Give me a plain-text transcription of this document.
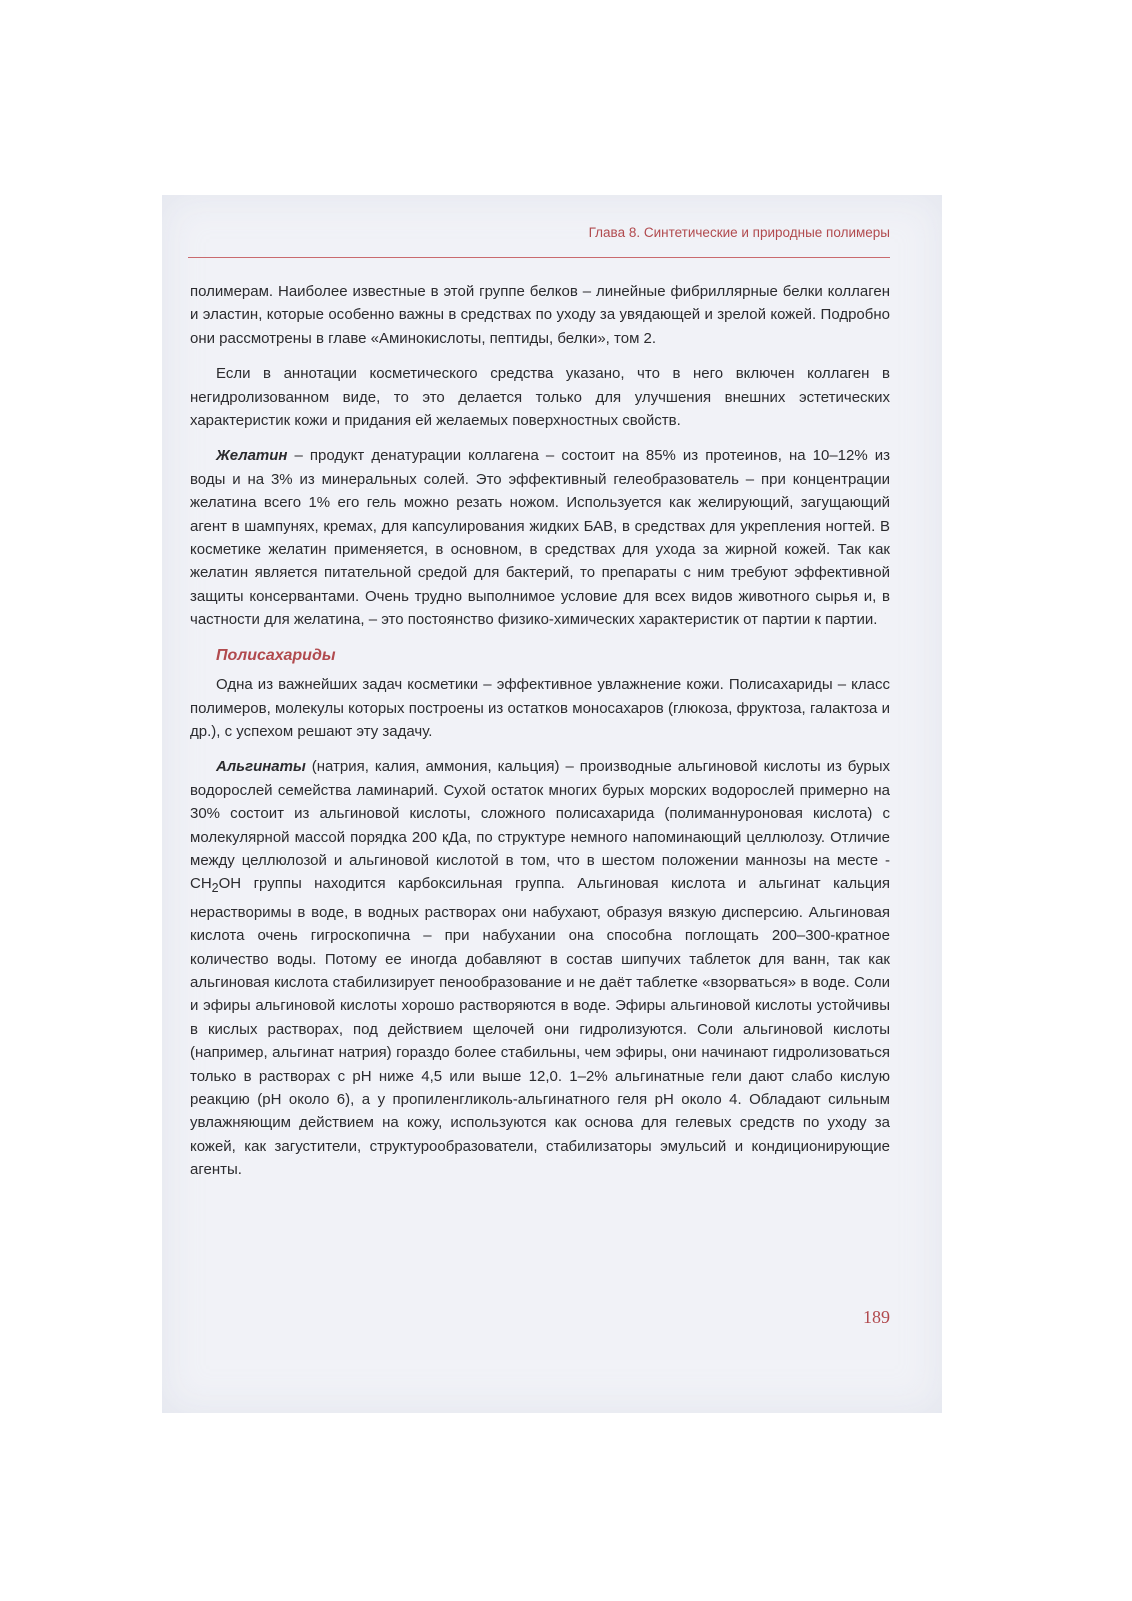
Глава 8. Синтетические и природные полимеры

полимерам. Наиболее известные в этой группе белков – линейные фибриллярные белки коллаген и эластин, которые особенно важны в средствах по уходу за увядающей и зрелой кожей. Подробно они рассмотрены в главе «Аминокислоты, пептиды, белки», том 2.

Если в аннотации косметического средства указано, что в него включен коллаген в негидролизованном виде, то это делается только для улучшения внешних эстетических характеристик кожи и придания ей желаемых поверхностных свойств.

Желатин – продукт денатурации коллагена – состоит на 85% из протеинов, на 10–12% из воды и на 3% из минеральных солей. Это эффективный гелеобразователь – при концентрации желатина всего 1% его гель можно резать ножом. Используется как желирующий, загущающий агент в шампунях, кремах, для капсулирования жидких БАВ, в средствах для укрепления ногтей. В косметике желатин применяется, в основном, в средствах для ухода за жирной кожей. Так как желатин является питательной средой для бактерий, то препараты с ним требуют эффективной защиты консервантами. Очень трудно выполнимое условие для всех видов животного сырья и, в частности для желатина, – это постоянство физико-химических характеристик от партии к партии.

Полисахариды

Одна из важнейших задач косметики – эффективное увлажнение кожи. Полисахариды – класс полимеров, молекулы которых построены из остатков моносахаров (глюкоза, фруктоза, галактоза и др.), с успехом решают эту задачу.

Альгинаты (натрия, калия, аммония, кальция) – производные альгиновой кислоты из бурых водорослей семейства ламинарий. Сухой остаток многих бурых морских водорослей примерно на 30% состоит из альгиновой кислоты, сложного полисахарида (полиманнуроновая кислота) с молекулярной массой порядка 200 кДа, по структуре немного напоминающий целлюлозу. Отличие между целлюлозой и альгиновой кислотой в том, что в шестом положении маннозы на месте $-CH_2OH$ группы находится карбоксильная группа. Альгиновая кислота и альгинат кальция нерастворимы в воде, в водных растворах они набухают, образуя вязкую дисперсию. Альгиновая кислота очень гигроскопична – при набухании она способна поглощать 200–300-кратное количество воды. Потому ее иногда добавляют в состав шипучих таблеток для ванн, так как альгиновая кислота стабилизирует пенообразование и не даёт таблетке «взорваться» в воде. Соли и эфиры альгиновой кислоты хорошо растворяются в воде. Эфиры альгиновой кислоты устойчивы в кислых растворах, под действием щелочей они гидролизуются. Соли альгиновой кислоты (например, альгинат натрия) гораздо более стабильны, чем эфиры, они начинают гидролизоваться только в растворах с pH ниже 4,5 или выше 12,0. 1–2% альгинатные гели дают слабо кислую реакцию (pH около 6), а у пропиленгликоль-альгинатного геля pH около 4. Обладают сильным увлажняющим действием на кожу, используются как основа для гелевых средств по уходу за кожей, как загустители, структурообразователи, стабилизаторы эмульсий и кондиционирующие агенты.

189
